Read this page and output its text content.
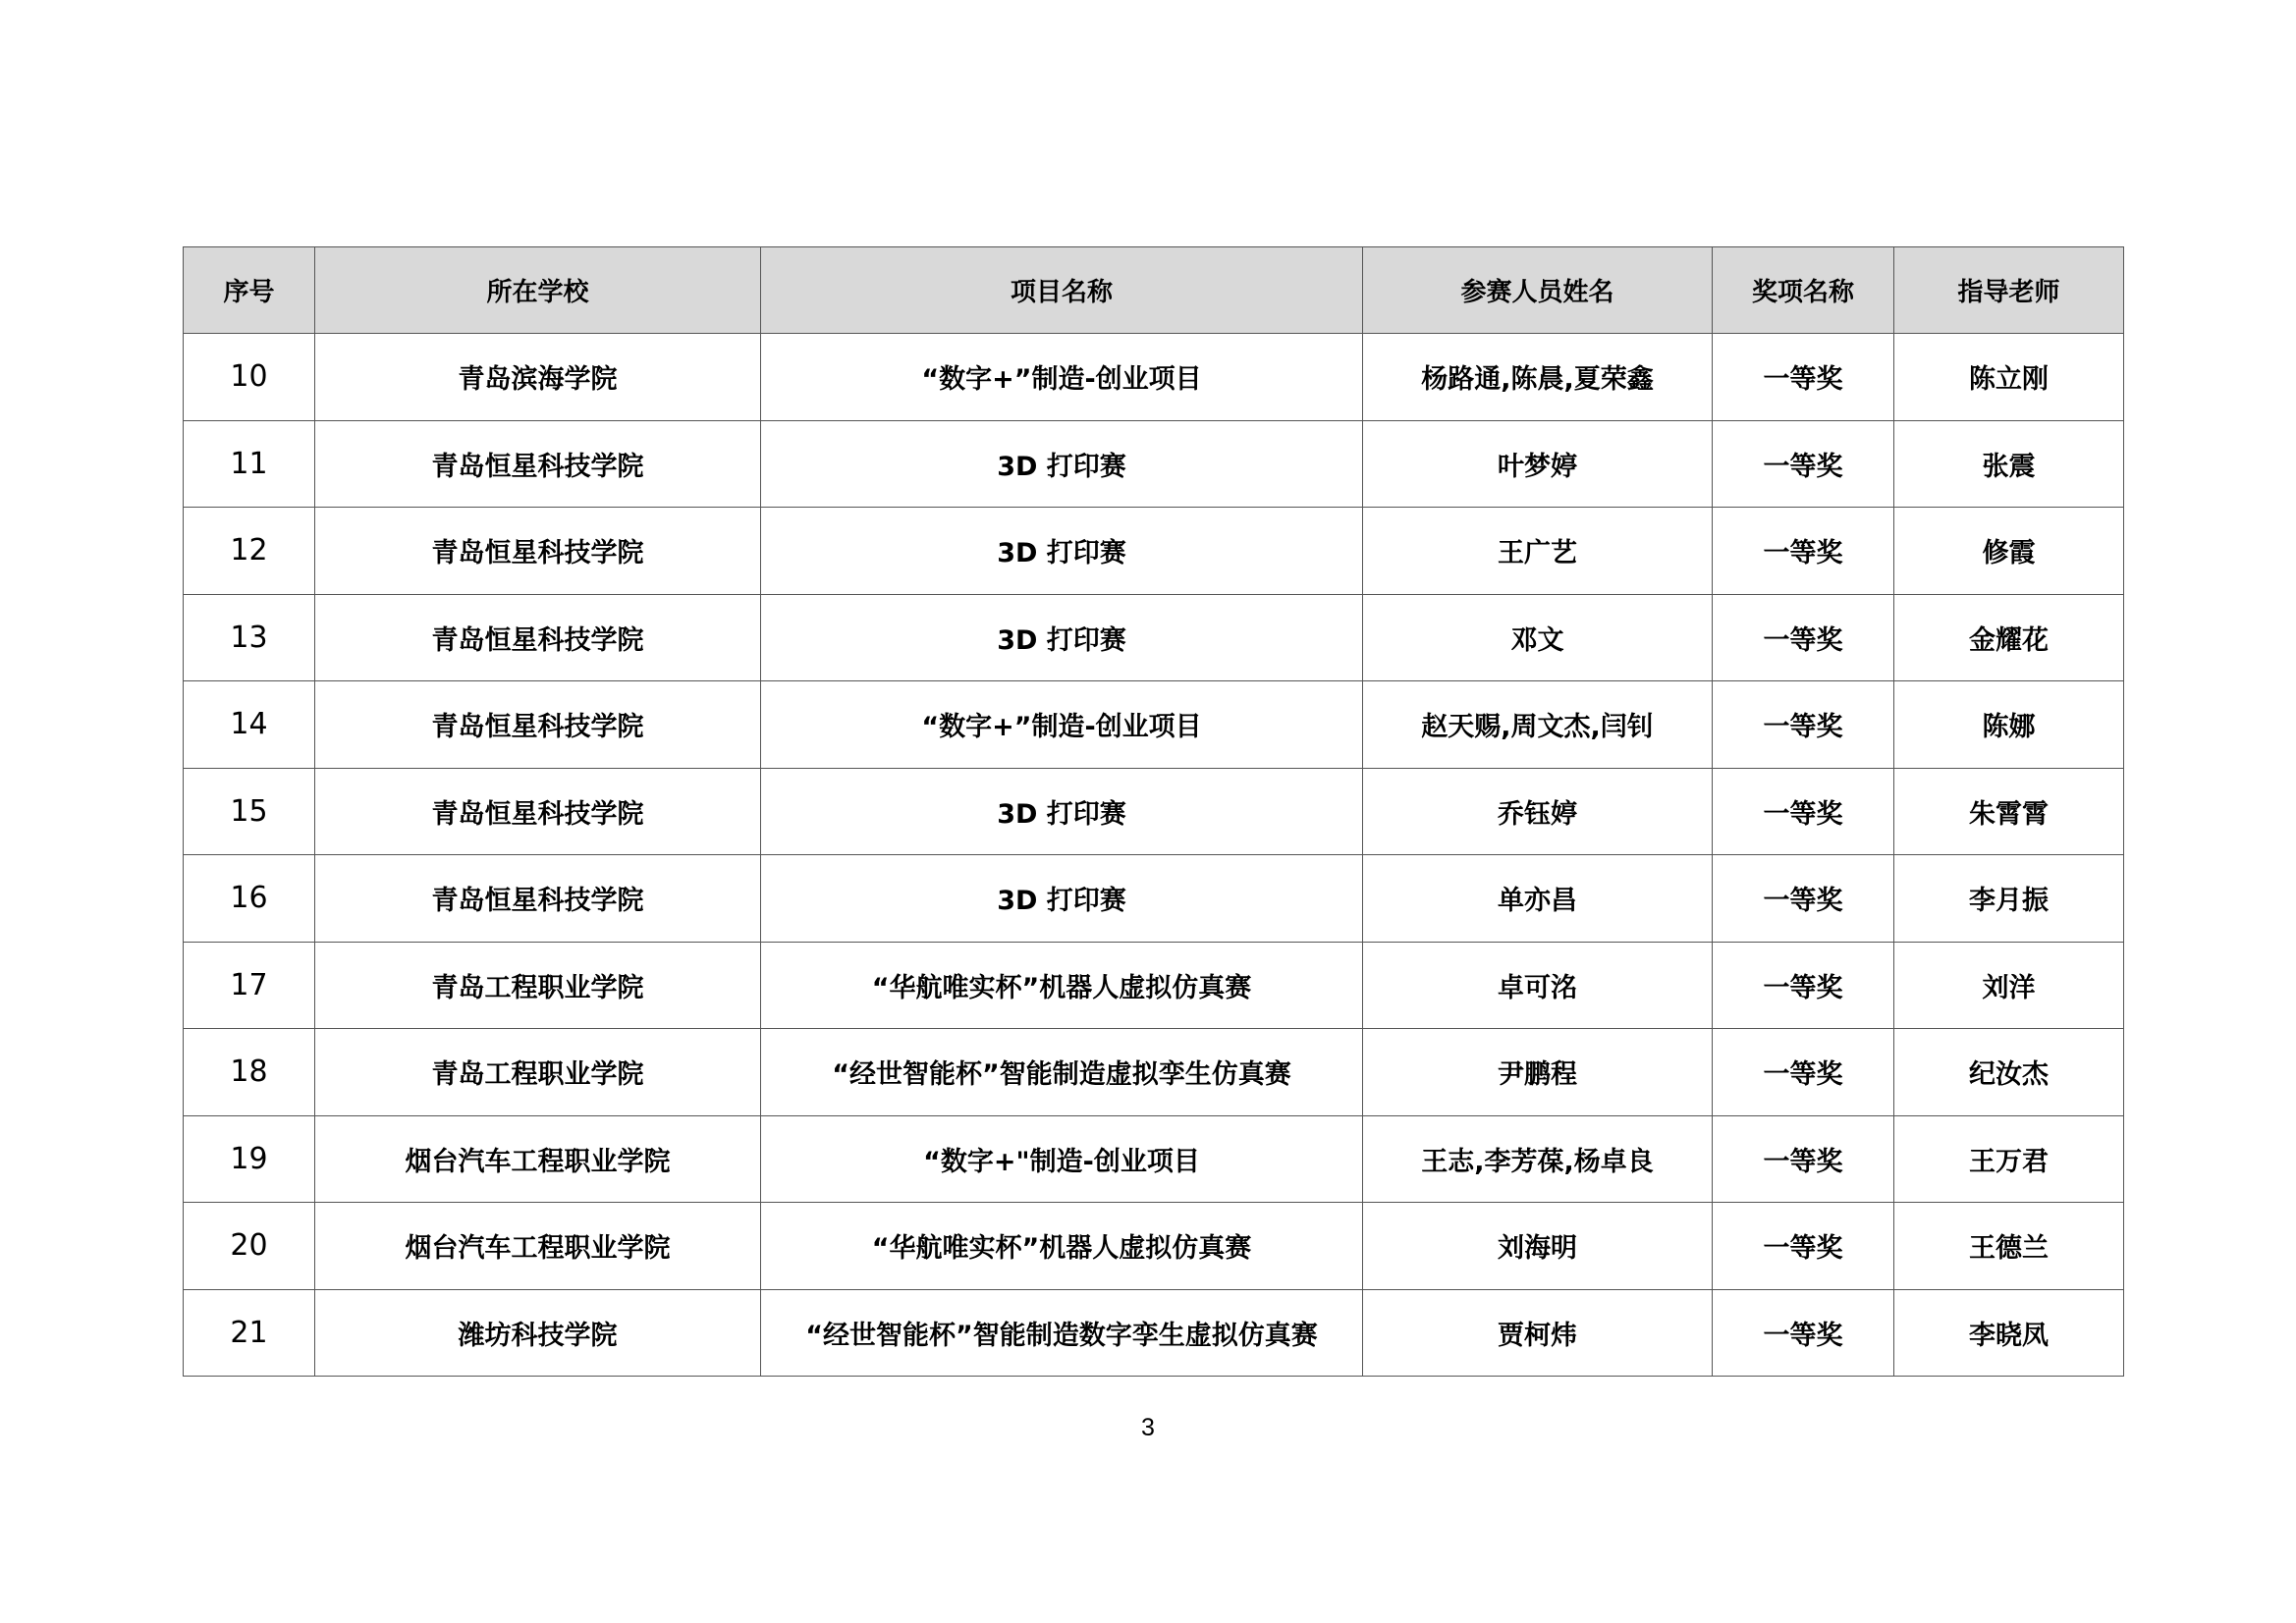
序号	所在学校	项目名称	参赛人员姓名	奖项名称	指导老师
10	青岛滨海学院	“数字+”制造-创业项目	杨路通,陈晨,夏荣鑫	一等奖	陈立刚
11	青岛恒星科技学院	3D 打印赛	叶梦婷	一等奖	张震
12	青岛恒星科技学院	3D 打印赛	王广艺	一等奖	修霞
13	青岛恒星科技学院	3D 打印赛	邓文	一等奖	金耀花
14	青岛恒星科技学院	“数字+”制造-创业项目	赵天赐,周文杰,闫钊	一等奖	陈娜
15	青岛恒星科技学院	3D 打印赛	乔钰婷	一等奖	朱霄霄
16	青岛恒星科技学院	3D 打印赛	单亦昌	一等奖	李月振
17	青岛工程职业学院	“华航唯实杯”机器人虚拟仿真赛	卓可洺	一等奖	刘洋
18	青岛工程职业学院	“经世智能杯”智能制造虚拟孪生仿真赛	尹鹏程	一等奖	纪汝杰
19	烟台汽车工程职业学院	“数字+"制造-创业项目	王志,李芳葆,杨卓良	一等奖	王万君
20	烟台汽车工程职业学院	“华航唯实杯”机器人虚拟仿真赛	刘海明	一等奖	王德兰
21	潍坊科技学院	“经世智能杯”智能制造数字孪生虚拟仿真赛	贾柯炜	一等奖	李晓凤
3
